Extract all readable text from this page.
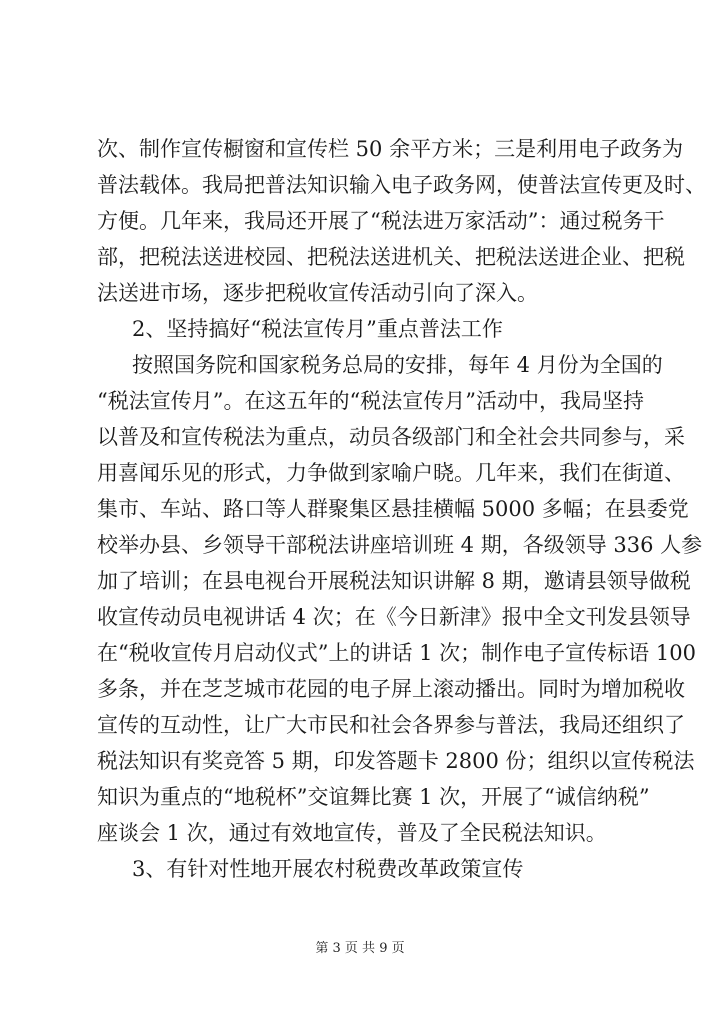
次、制作宣传橱窗和宣传栏 50 余平方米；三是利用电子政务为

普法载体。我局把普法知识输入电子政务网，使普法宣传更及时、

方便。几年来，我局还开展了“税法进万家活动”：通过税务干

部，把税法送进校园、把税法送进机关、把税法送进企业、把税

法送进市场，逐步把税收宣传活动引向了深入。

2、坚持搞好“税法宣传月”重点普法工作

按照国务院和国家税务总局的安排，每年 4 月份为全国的

“税法宣传月”。在这五年的“税法宣传月”活动中，我局坚持

以普及和宣传税法为重点，动员各级部门和全社会共同参与，采

用喜闻乐见的形式，力争做到家喻户晓。几年来，我们在街道、

集市、车站、路口等人群聚集区悬挂横幅 5000 多幅；在县委党

校举办县、乡领导干部税法讲座培训班 4 期，各级领导 336 人参

加了培训；在县电视台开展税法知识讲解 8 期，邀请县领导做税

收宣传动员电视讲话 4 次；在《今日新津》报中全文刊发县领导

在“税收宣传月启动仪式”上的讲话 1 次；制作电子宣传标语 100

多条，并在芝芝城市花园的电子屏上滚动播出。同时为增加税收

宣传的互动性，让广大市民和社会各界参与普法，我局还组织了

税法知识有奖竞答 5 期，印发答题卡 2800 份；组织以宣传税法

知识为重点的“地税杯”交谊舞比赛 1 次，开展了“诚信纳税”

座谈会 1 次，通过有效地宣传，普及了全民税法知识。

3、有针对性地开展农村税费改革政策宣传

第 3 页 共 9 页
